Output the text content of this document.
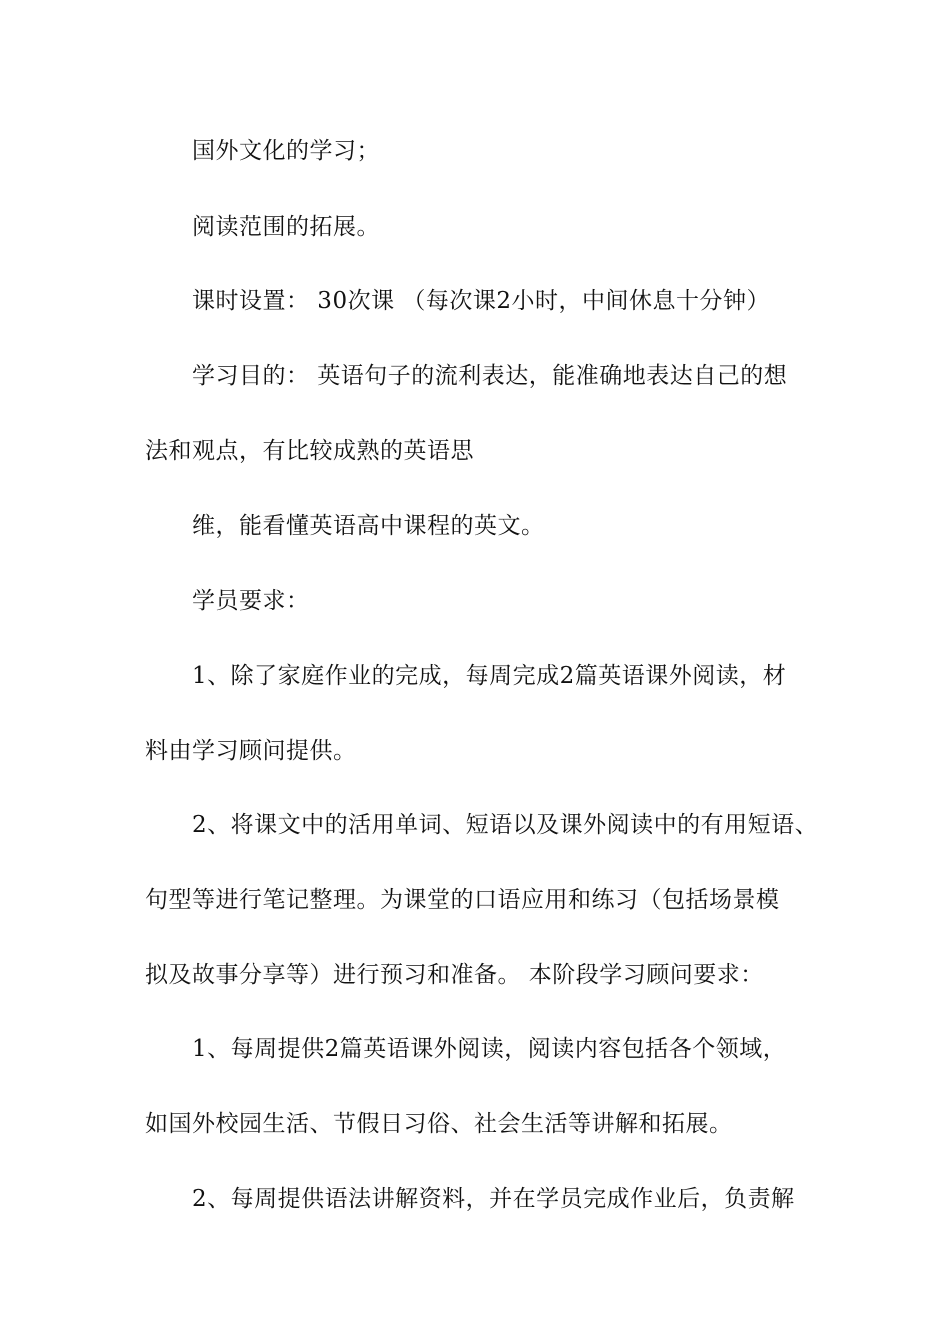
国外文化的学习；
阅读范围的拓展。
课时设置： 30次课 （每次课2小时，中间休息十分钟）
学习目的： 英语句子的流利表达，能准确地表达自己的想
法和观点，有比较成熟的英语思
维，能看懂英语高中课程的英文。
学员要求：
1、除了家庭作业的完成，每周完成2篇英语课外阅读，材
料由学习顾问提供。
2、将课文中的活用单词、短语以及课外阅读中的有用短语、
句型等进行笔记整理。为课堂的口语应用和练习（包括场景模
拟及故事分享等）进行预习和准备。 本阶段学习顾问要求：
1、每周提供2篇英语课外阅读，阅读内容包括各个领域，
如国外校园生活、节假日习俗、社会生活等讲解和拓展。
2、每周提供语法讲解资料，并在学员完成作业后，负责解
